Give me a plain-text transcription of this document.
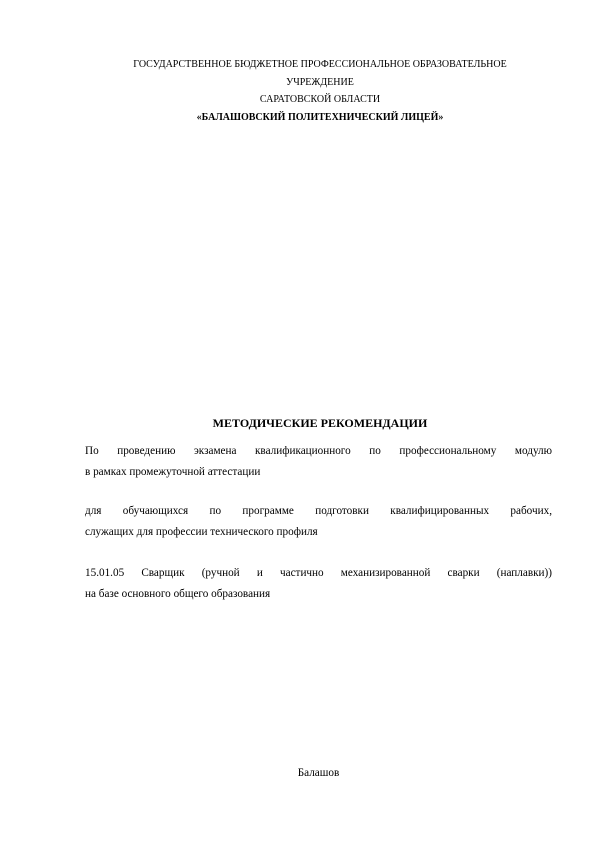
ГОСУДАРСТВЕННОЕ БЮДЖЕТНОЕ ПРОФЕССИОНАЛЬНОЕ ОБРАЗОВАТЕЛЬНОЕ
УЧРЕЖДЕНИЕ
САРАТОВСКОЙ ОБЛАСТИ
«БАЛАШОВСКИЙ ПОЛИТЕХНИЧЕСКИЙ ЛИЦЕЙ»
МЕТОДИЧЕСКИЕ РЕКОМЕНДАЦИИ
По проведению экзамена квалификационного по профессиональному модулю
в рамках промежуточной аттестации
для обучающихся по программе подготовки квалифицированных рабочих,
служащих для профессии технического профиля
15.01.05 Сварщик (ручной и частично механизированной сварки (наплавки))
на базе основного общего образования
Балашов
